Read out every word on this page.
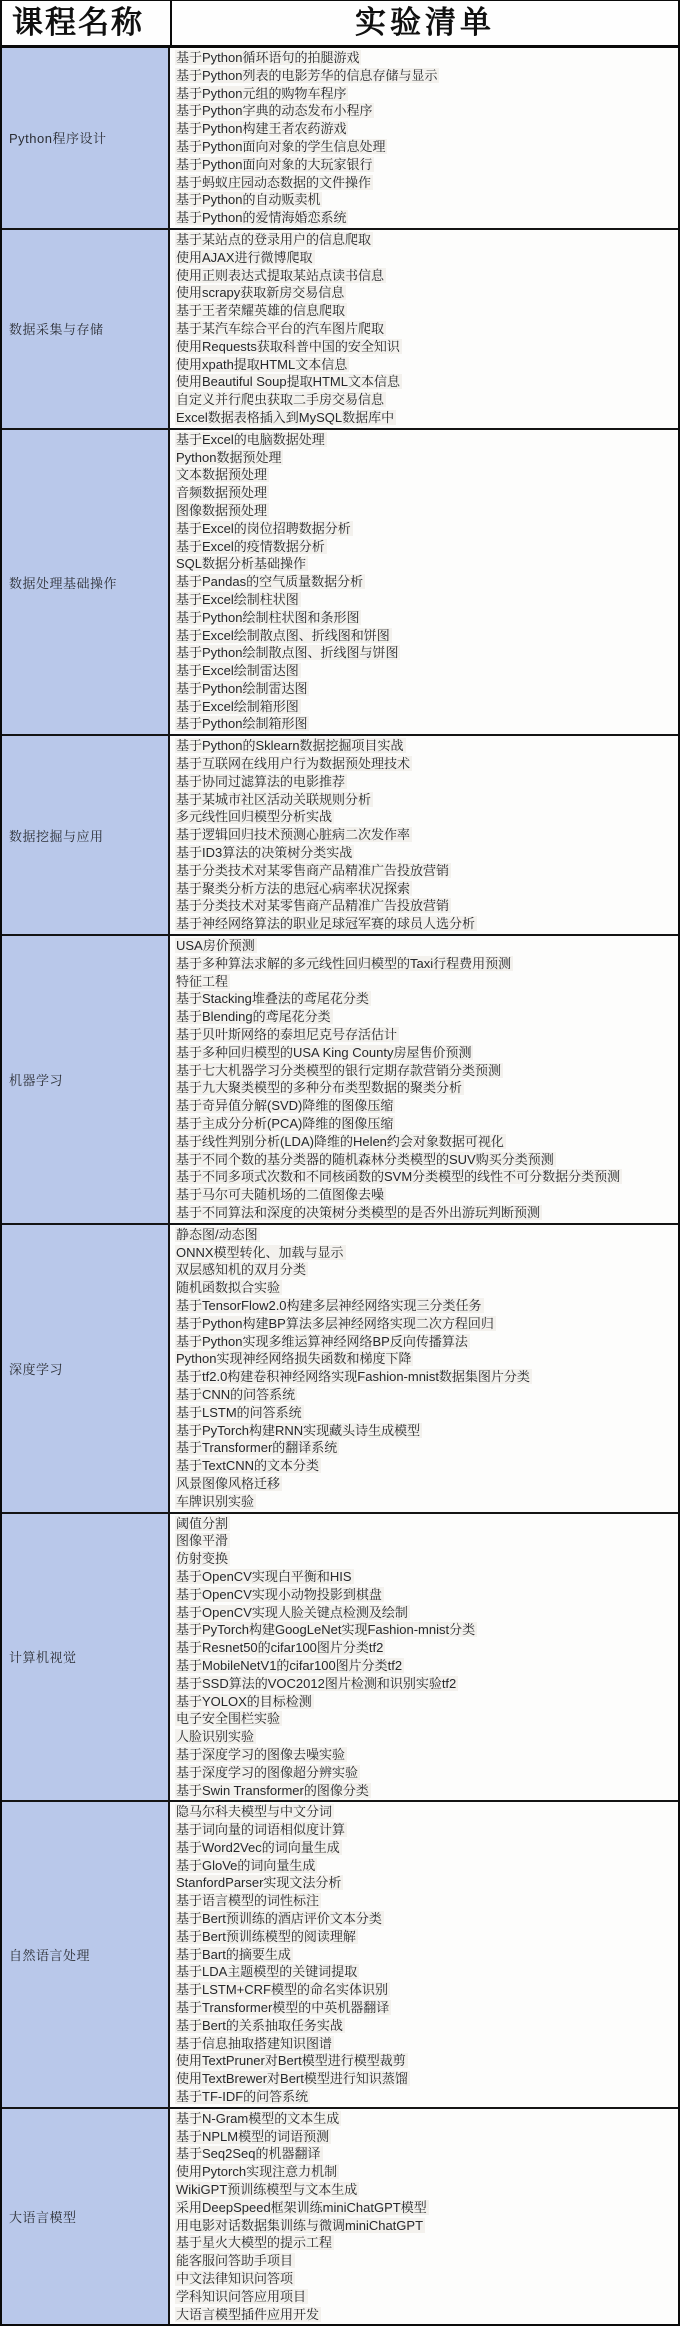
课程名称	实验清单
Python程序设计
基于Python循环语句的拍腿游戏
基于Python列表的电影芳华的信息存储与显示
基于Python元组的购物车程序
基于Python字典的动态发布小程序
基于Python构建王者农药游戏
基于Python面向对象的学生信息处理
基于Python面向对象的大玩家银行
基于蚂蚁庄园动态数据的文件操作
基于Python的自动贩卖机
基于Python的爱情海婚恋系统
数据采集与存储
基于某站点的登录用户的信息爬取
使用AJAX进行微博爬取
使用正则表达式提取某站点读书信息
使用scrapy获取新房交易信息
基于王者荣耀英雄的信息爬取
基于某汽车综合平台的汽车图片爬取
使用Requests获取科普中国的安全知识
使用xpath提取HTML文本信息
使用Beautiful Soup提取HTML文本信息
自定义并行爬虫获取二手房交易信息
Excel数据表格插入到MySQL数据库中
数据处理基础操作
基于Excel的电脑数据处理
Python数据预处理
文本数据预处理
音频数据预处理
图像数据预处理
基于Excel的岗位招聘数据分析
基于Excel的疫情数据分析
SQL数据分析基础操作
基于Pandas的空气质量数据分析
基于Excel绘制柱状图
基于Python绘制柱状图和条形图
基于Excel绘制散点图、折线图和饼图
基于Python绘制散点图、折线图与饼图
基于Excel绘制雷达图
基于Python绘制雷达图
基于Excel绘制箱形图
基于Python绘制箱形图
数据挖掘与应用
基于Python的Sklearn数据挖掘项目实战
基于互联网在线用户行为数据预处理技术
基于协同过滤算法的电影推荐
基于某城市社区活动关联规则分析
多元线性回归模型分析实战
基于逻辑回归技术预测心脏病二次发作率
基于ID3算法的决策树分类实战
基于分类技术对某零售商产品精准广告投放营销
基于聚类分析方法的患冠心病率状况探索
基于分类技术对某零售商产品精准广告投放营销
基于神经网络算法的职业足球冠军赛的球员人选分析
机器学习
USA房价预测
基于多种算法求解的多元线性回归模型的Taxi行程费用预测
特征工程
基于Stacking堆叠法的鸢尾花分类
基于Blending的鸢尾花分类
基于贝叶斯网络的泰坦尼克号存活估计
基于多种回归模型的USA King County房屋售价预测
基于七大机器学习分类模型的银行定期存款营销分类预测
基于九大聚类模型的多种分布类型数据的聚类分析
基于奇异值分解(SVD)降维的图像压缩
基于主成分分析(PCA)降维的图像压缩
基于线性判别分析(LDA)降维的Helen约会对象数据可视化
基于不同个数的基分类器的随机森林分类模型的SUV购买分类预测
基于不同多项式次数和不同核函数的SVM分类模型的线性不可分数据分类预测
基于马尔可夫随机场的二值图像去噪
基于不同算法和深度的决策树分类模型的是否外出游玩判断预测
深度学习
静态图/动态图
ONNX模型转化、加载与显示
双层感知机的双月分类
随机函数拟合实验
基于TensorFlow2.0构建多层神经网络实现三分类任务
基于Python构建BP算法多层神经网络实现二次方程回归
基于Python实现多维运算神经网络BP反向传播算法
Python实现神经网络损失函数和梯度下降
基于tf2.0构建卷积神经网络实现Fashion-mnist数据集图片分类
基于CNN的问答系统
基于LSTM的问答系统
基于PyTorch构建RNN实现藏头诗生成模型
基于Transformer的翻译系统
基于TextCNN的文本分类
风景图像风格迁移
车牌识别实验
计算机视觉
阈值分割
图像平滑
仿射变换
基于OpenCV实现白平衡和HIS
基于OpenCV实现小动物投影到棋盘
基于OpenCV实现人脸关键点检测及绘制
基于PyTorch构建GoogLeNet实现Fashion-mnist分类
基于Resnet50的cifar100图片分类tf2
基于MobileNetV1的cifar100图片分类tf2
基于SSD算法的VOC2012图片检测和识别实验tf2
基于YOLOX的目标检测
电子安全围栏实验
人脸识别实验
基于深度学习的图像去噪实验
基于深度学习的图像超分辨实验
基于Swin Transformer的图像分类
自然语言处理
隐马尔科夫模型与中文分词
基于词向量的词语相似度计算
基于Word2Vec的词向量生成
基于GloVe的词向量生成
StanfordParser实现文法分析
基于语言模型的词性标注
基于Bert预训练的酒店评价文本分类
基于Bert预训练模型的阅读理解
基于Bart的摘要生成
基于LDA主题模型的关键词提取
基于LSTM+CRF模型的命名实体识别
基于Transformer模型的中英机器翻译
基于Bert的关系抽取任务实战
基于信息抽取搭建知识图谱
使用TextPruner对Bert模型进行模型裁剪
使用TextBrewer对Bert模型进行知识蒸馏
基于TF-IDF的问答系统
大语言模型
基于N-Gram模型的文本生成
基于NPLM模型的词语预测
基于Seq2Seq的机器翻译
使用Pytorch实现注意力机制
WikiGPT预训练模型与文本生成
采用DeepSpeed框架训练miniChatGPT模型
用电影对话数据集训练与微调miniChatGPT
基于星火大模型的提示工程
能客服问答助手项目
中文法律知识问答项
学科知识问答应用项目
大语言模型插件应用开发
